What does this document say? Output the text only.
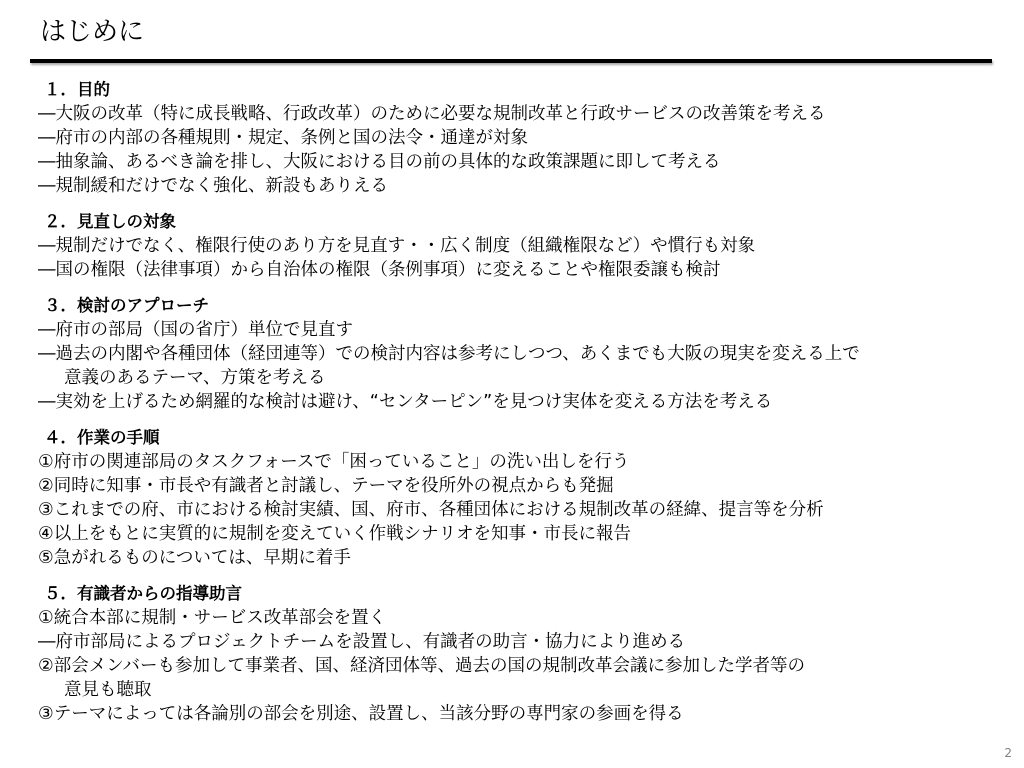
はじめに

１．目的

―大阪の改革（特に成長戦略、行政改革）のために必要な規制改革と行政サービスの改善策を考える

―府市の内部の各種規則・規定、条例と国の法令・通達が対象

―抽象論、あるべき論を排し、大阪における目の前の具体的な政策課題に即して考える

―規制緩和だけでなく強化、新設もありえる

２．見直しの対象

―規制だけでなく、権限行使のあり方を見直す・・広く制度（組織権限など）や慣行も対象

―国の権限（法律事項）から自治体の権限（条例事項）に変えることや権限委譲も検討

３．検討のアプローチ

―府市の部局（国の省庁）単位で見直す

―過去の内閣や各種団体（経団連等）での検討内容は参考にしつつ、あくまでも大阪の現実を変える上で

意義のあるテーマ、方策を考える

―実効を上げるため網羅的な検討は避け、“センターピン”を見つけ実体を変える方法を考える

４．作業の手順

①府市の関連部局のタスクフォースで「困っていること」の洗い出しを行う

②同時に知事・市長や有識者と討議し、テーマを役所外の視点からも発掘

③これまでの府、市における検討実績、国、府市、各種団体における規制改革の経緯、提言等を分析

④以上をもとに実質的に規制を変えていく作戦シナリオを知事・市長に報告

⑤急がれるものについては、早期に着手

５．有識者からの指導助言

①統合本部に規制・サービス改革部会を置く

―府市部局によるプロジェクトチームを設置し、有識者の助言・協力により進める

②部会メンバーも参加して事業者、国、経済団体等、過去の国の規制改革会議に参加した学者等の

意見も聴取

③テーマによっては各論別の部会を別途、設置し、当該分野の専門家の参画を得る

2
